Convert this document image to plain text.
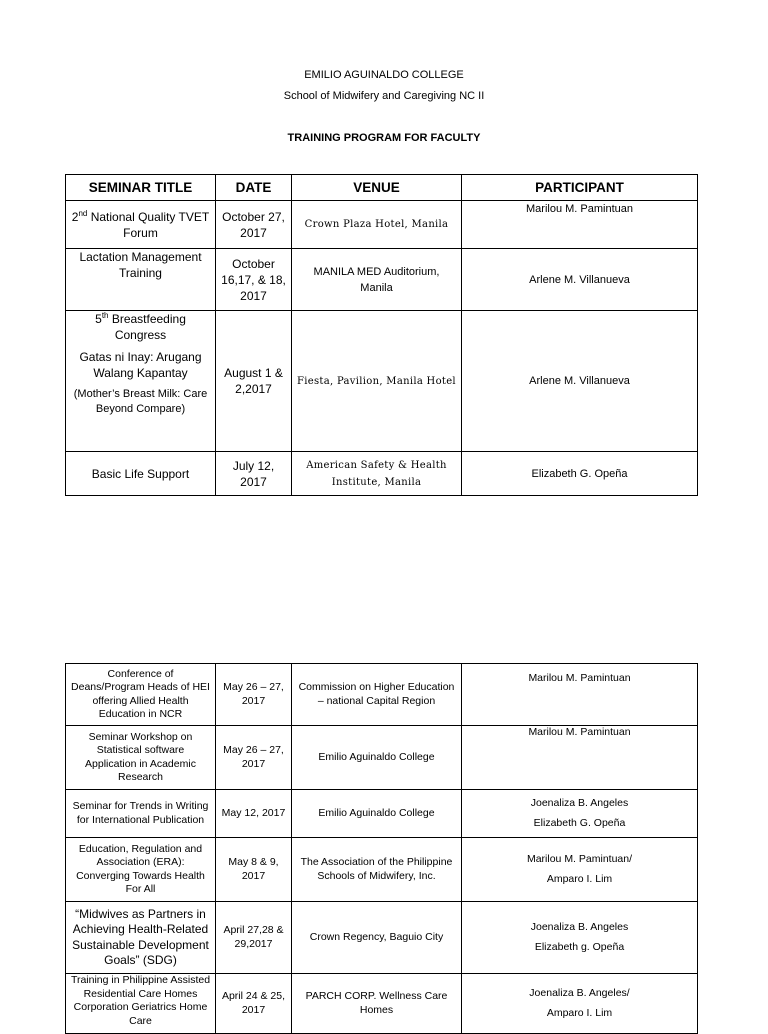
EMILIO AGUINALDO COLLEGE
School of Midwifery and Caregiving NC II
TRAINING PROGRAM FOR FACULTY
SEMINAR TITLE	DATE	VENUE	PARTICIPANT

2nd National Quality TVET Forum	October 27, 2017	Crown Plaza Hotel, Manila	Marilou M. Pamintuan

Lactation Management Training	October 16,17, & 18, 2017	MANILA MED Auditorium, Manila	Arlene M. Villanueva

5th Breastfeeding Congress

Gatas ni Inay: Arugang Walang Kapantay

(Mother’s Breast Milk: Care Beyond Compare)	August 1 & 2,2017	Fiesta, Pavilion, Manila Hotel	Arlene M. Villanueva

Basic Life Support	July 12, 2017	American Safety & Health Institute, Manila	Elizabeth G. Opeña

Conference of Deans/Program Heads of HEI offering Allied Health Education in NCR	May 26 – 27, 2017	Commission on Higher Education – national Capital Region	Marilou M. Pamintuan

Seminar Workshop on Statistical software Application in Academic Research	May 26 – 27, 2017	Emilio Aguinaldo College	Marilou M. Pamintuan

Seminar for Trends in Writing for International Publication	May 12, 2017	Emilio Aguinaldo College	Joenaliza B. Angeles

Elizabeth G. Opeña

Education, Regulation and Association (ERA): Converging Towards Health For All	May 8 & 9, 2017	The Association of the Philippine Schools of Midwifery, Inc.	Marilou M. Pamintuan/

Amparo I. Lim

“Midwives as Partners in Achieving Health-Related Sustainable Development Goals” (SDG)	April 27,28 & 29,2017	Crown Regency, Baguio City	Joenaliza B. Angeles

Elizabeth g. Opeña

Training in Philippine Assisted Residential Care Homes Corporation Geriatrics Home Care	April 24 & 25, 2017	PARCH CORP. Wellness Care Homes	Joenaliza B. Angeles/

Amparo I. Lim
